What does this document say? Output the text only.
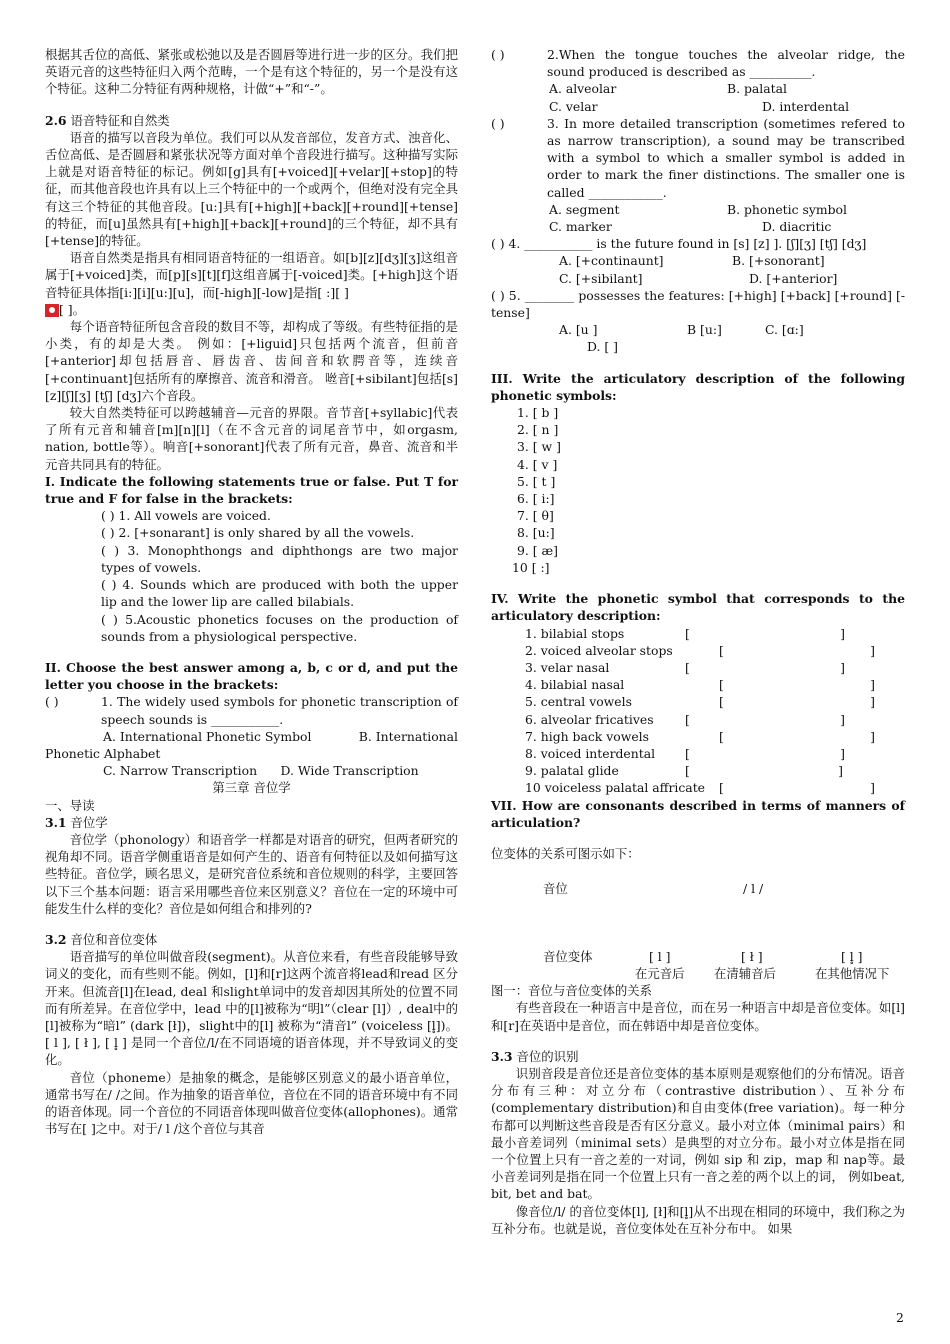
根据其舌位的高低、紧张或松弛以及是否圆唇等进行进一步的区分。我们把英语元音的这些特征归入两个范畴，一个是有这个特征的，另一个是没有这个特征。这种二分特征有两种规格，计做“+”和“-”。

2.6 语音特征和自然类

语音的描写以音段为单位。我们可以从发音部位，发音方式、浊音化、舌位高低、是否圆唇和紧张状况等方面对单个音段进行描写。这种描写实际上就是对语音特征的标记。例如[g]具有[+voiced][+velar][+stop]的特征，而其他音段也许具有以上三个特征中的一个或两个，但绝对没有完全具有这三个特征的其他音段。[u:]具有[+high][+back][+round][+tense]的特征，而[u]虽然具有[+high][+back][+round]的三个特征，却不具有[+tense]的特征。

语音自然类是指具有相同语音特征的一组语音。如[b][z][dʒ][ʒ]这组音属于[+voiced]类，而[p][s][t][f]这组音属于[-voiced]类。[+high]这个语音特征具体指[i:][i][u:][u]，而[-high][-low]是指[ :][ ]

[ ]。

每个语音特征所包含音段的数目不等，却构成了等级。有些特征指的是小类，有的却是大类。 例如：[+liguid]只包括两个流音，但前音[+anterior]却包括唇音、唇齿音、齿间音和软腭音等，连续音[+continuant]包括所有的摩擦音、流音和滑音。 咝音[+sibilant]包括[s][z][ʃ][ʒ] [tʃ] [dʒ]六个音段。

较大自然类特征可以跨越辅音—元音的界限。音节音[+syllabic]代表了所有元音和辅音[m][n][l]（在不含元音的词尾音节中，如orgasm, nation, bottle等）。响音[+sonorant]代表了所有元音，鼻音、流音和半元音共同具有的特征。

I. Indicate the following statements true or false. Put T for true and F for false in the brackets:

( ) 1. All vowels are voiced.

( ) 2. [+sonarant] is only shared by all the vowels.

( ) 3. Monophthongs and diphthongs are two major types of vowels.

( ) 4. Sounds which are produced with both the upper lip and the lower lip are called bilabials.

( ) 5.Acoustic phonetics focuses on the production of sounds from a physiological perspective.

II. Choose the best answer among a, b, c or d, and put the letter you choose in the brackets:

( )	1. The widely used symbols for phonetic transcription of speech sounds is ___________.

A. International Phonetic Symbol	B. International

Phonetic Alphabet

C. Narrow Transcription	D. Wide Transcription

第三章 音位学

一、导读

3.1 音位学

音位学（phonology）和语音学一样都是对语音的研究，但两者研究的视角却不同。语音学侧重语音是如何产生的、语音有何特征以及如何描写这些特征。音位学，顾名思义，是研究音位系统和音位规则的科学，主要回答以下三个基本问题：语言采用哪些音位来区别意义？音位在一定的环境中可能发生什么样的变化？音位是如何组合和排列的?

3.2 音位和音位变体

语音描写的单位叫做音段(segment)。从音位来看，有些音段能够导致词义的变化，而有些则不能。例如，[l]和[r]这两个流音将lead和read 区分开来。但流音[l]在lead, deal 和slight单词中的发音却因其所处的位置不同而有所差异。在音位学中，lead 中的[l]被称为“明l”（clear [l]）, deal中的[l]被称为“暗l” (dark [ł])，slight中的[l] 被称为“清音l” (voiceless [l̥])。[ l ], [ ł ], [ l̥ ] 是同一个音位/l/在不同语境的语音体现，并不导致词义的变化。

音位（phoneme）是抽象的概念，是能够区别意义的最小语音单位，通常书写在/ /之间。作为抽象的语音单位，音位在不同的语音环境中有不同的语音体现。同一个音位的不同语音体现叫做音位变体(allophones)。通常书写在[ ]之中。对于/ l /这个音位与其音

( )	2.When the tongue touches the alveolar ridge, the sound produced is described as __________.

A. alveolar	B. palatal
C. velar	D. interdental

( )	3. In more detailed transcription (sometimes refered to as narrow transcription), a sound may be transcribed with a symbol to which a smaller symbol is added in order to mark the finer distinctions. The smaller one is called ____________.

A. segment	B. phonetic symbol
C. marker	D. diacritic

( ) 4. ___________ is the future found in [s] [z] ]. [ʃ][ʒ] [tʃ] [dʒ]

A. [+continaunt]	B. [+sonorant]
C. [+sibilant]	D. [+anterior]

( ) 5. ________ possesses the features: [+high] [+back] [+round] [-tense]

A. [u ]	B [u:]	C. [ɑ:]

D. [ ]

III. Write the articulatory description of the following phonetic symbols:

1. [ b ]

2. [ n ]

3. [ w ]

4. [ v ]

5. [ t ]

6. [ i:]

7. [ θ]

8. [u:]

9. [ æ]

10 [ :]

IV. Write the phonetic symbol that corresponds to the articulatory description:

1. bilabial stops	[	]
2. voiced alveolar stops	[	]
3. velar nasal	[	]
4. bilabial nasal	[	]
5. central vowels	[	]
6. alveolar fricatives	[	]
7. high back vowels	[	]
8. voiced interdental	[	]
9. palatal glide	[	]
10 voiceless palatal affricate	[	]

VII. How are consonants described in terms of manners of articulation?

位变体的关系可图示如下：

音位	/ l /
音位变体	[ l ]	[ ł ]	[ l̥ ]
在元音后 在清辅音后	在其他情况下

图一：音位与音位变体的关系

有些音段在一种语言中是音位，而在另一种语言中却是音位变体。如[l]和[r]在英语中是音位，而在韩语中却是音位变体。

3.3 音位的识别

识别音段是音位还是音位变体的基本原则是观察他们的分布情况。语音分布有三种：对立分布（contrastive distribution）、互补分布(complementary distribution)和自由变体(free variation)。每一种分布都可以判断这些音段是否有区分意义。最小对立体（minimal pairs）和最小音差词列（minimal sets）是典型的对立分布。最小对立体是指在同一个位置上只有一音之差的一对词，例如 sip 和 zip，map 和 nap等。最小音差词列是指在同一个位置上只有一音之差的两个以上的词， 例如beat, bit, bet and bat。

像音位/l/ 的音位变体[l], [ł]和[l̥]从不出现在相同的环境中，我们称之为互补分布。也就是说，音位变体处在互补分布中。 如果

2
